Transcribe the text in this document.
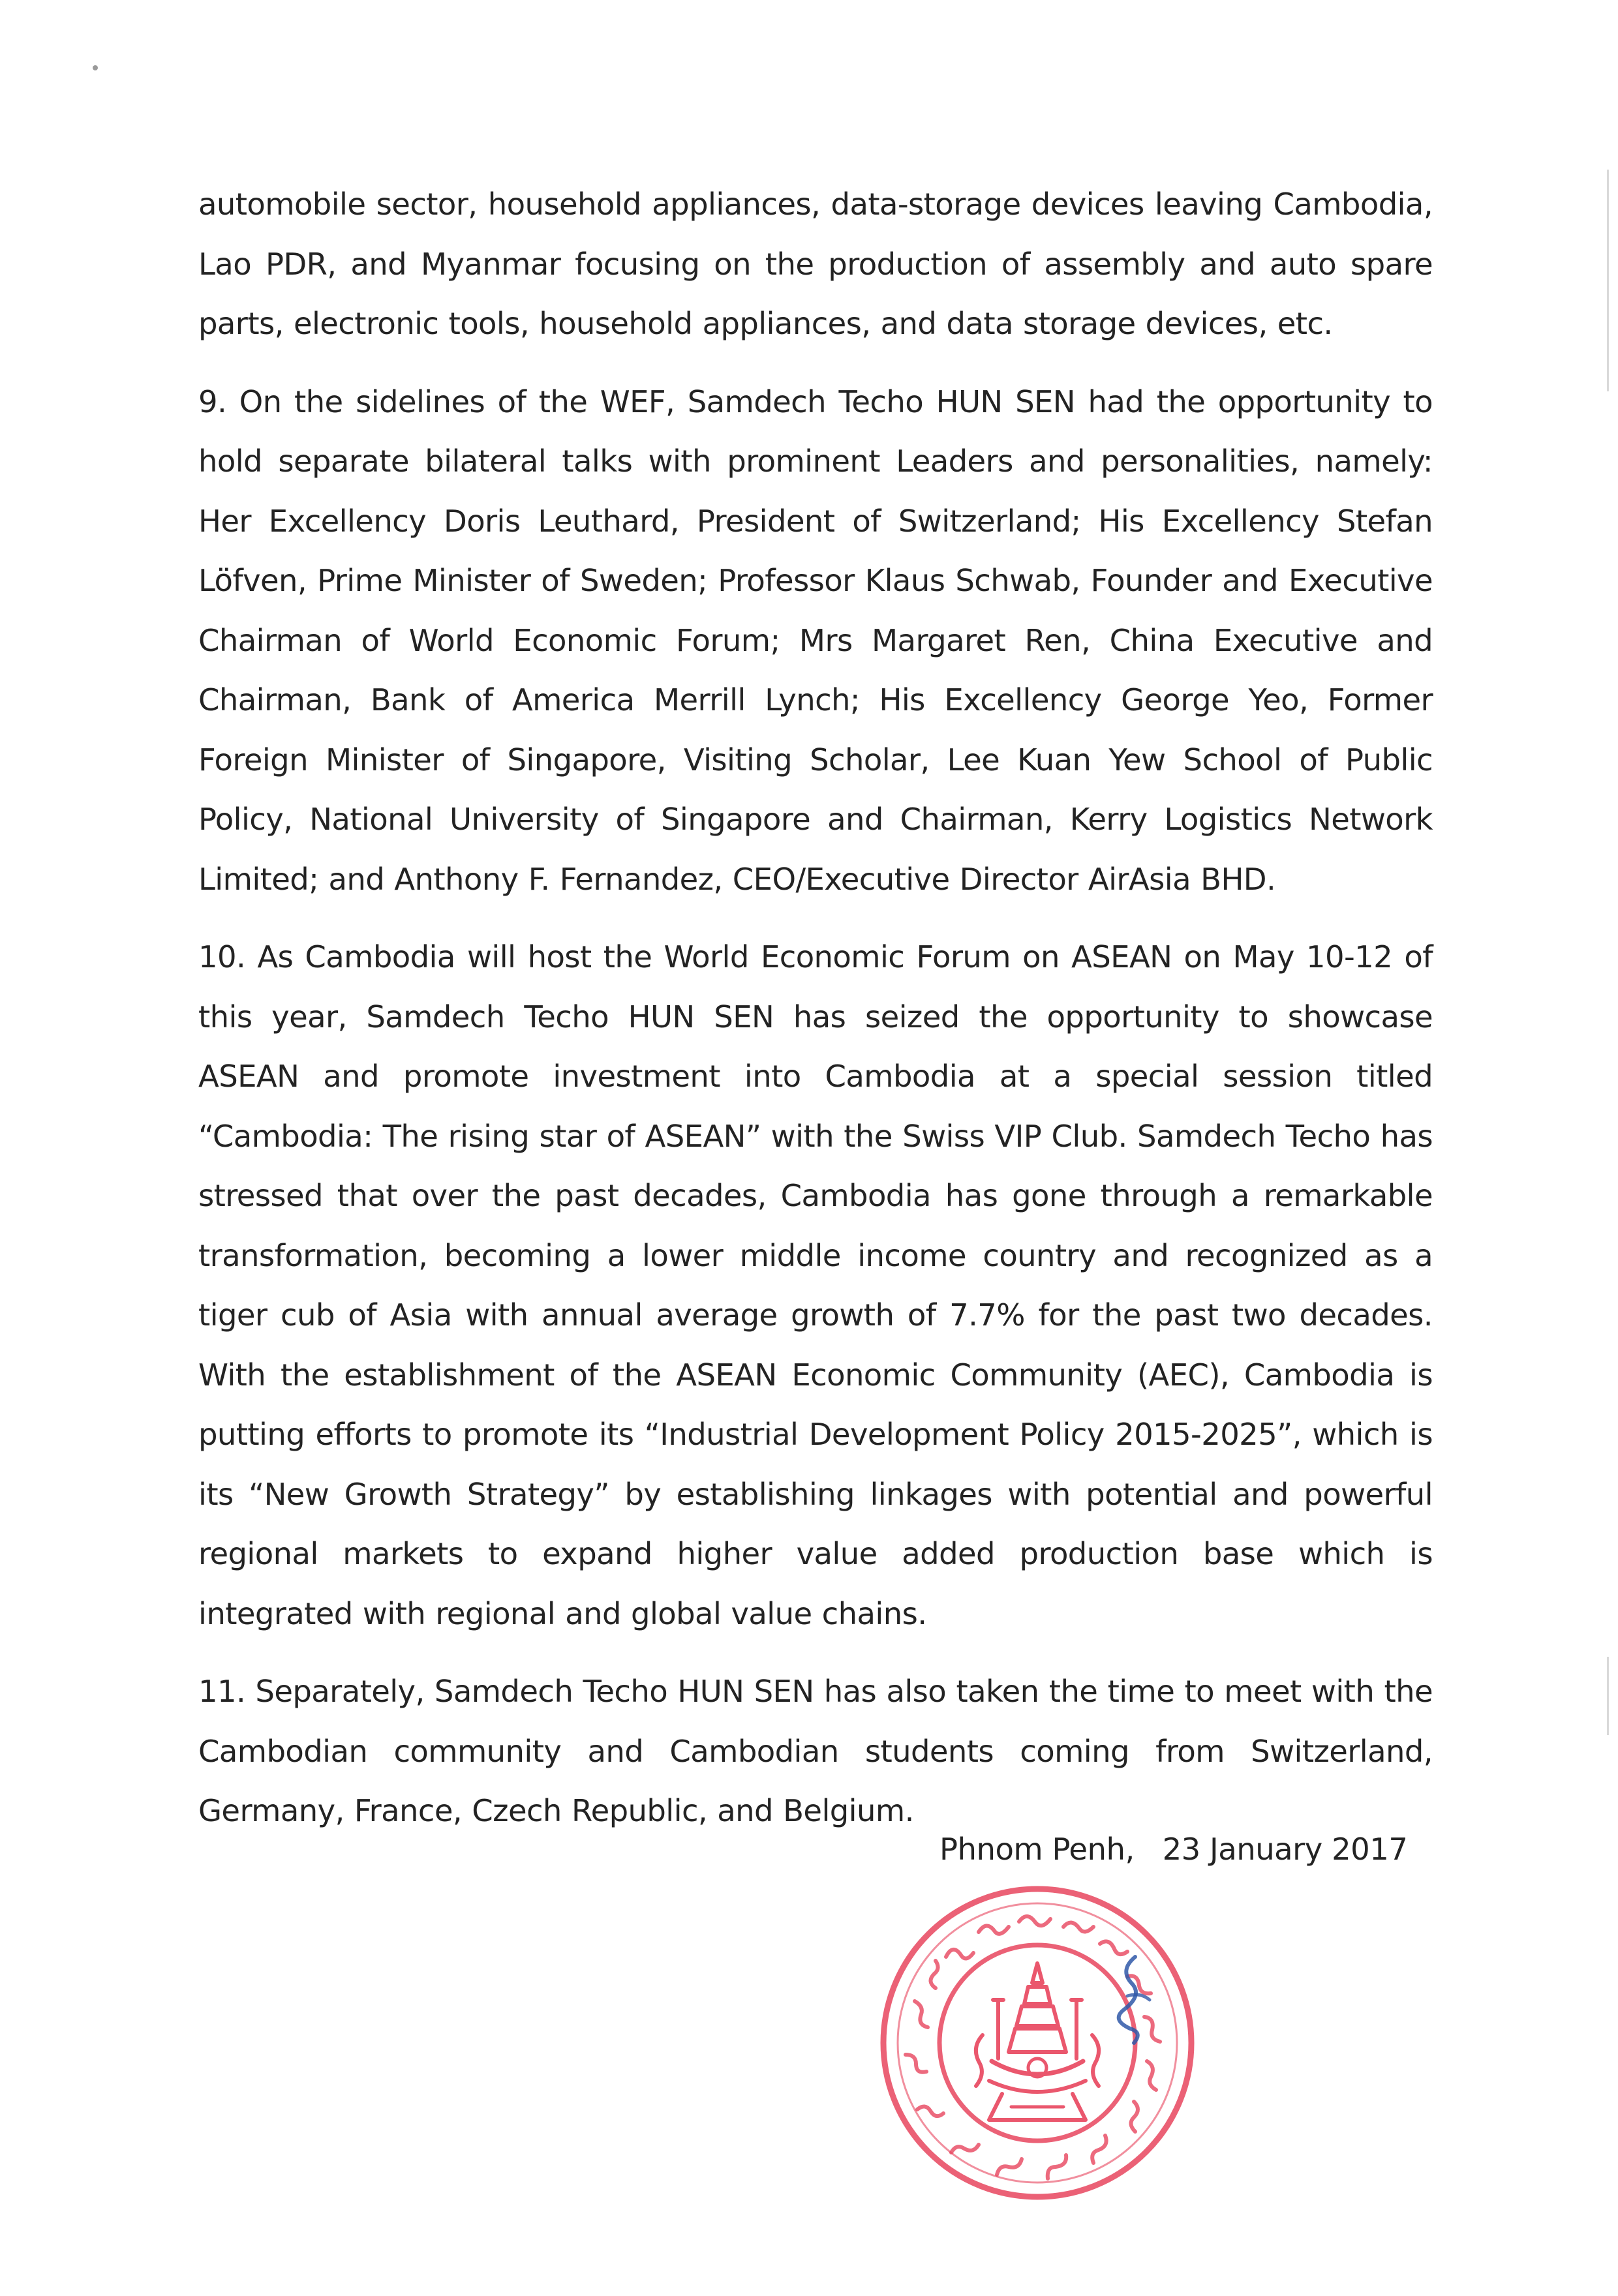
automobile sector, household appliances, data-storage devices leaving Cambodia, Lao PDR, and Myanmar focusing on the production of assembly and auto spare parts, electronic tools, household appliances, and data storage devices, etc.

9. On the sidelines of the WEF, Samdech Techo HUN SEN had the opportunity to hold separate bilateral talks with prominent Leaders and personalities, namely: Her Excellency Doris Leuthard, President of Switzerland; His Excellency Stefan Löfven, Prime Minister of Sweden; Professor Klaus Schwab, Founder and Executive Chairman of World Economic Forum; Mrs Margaret Ren, China Executive and Chairman, Bank of America Merrill Lynch; His Excellency George Yeo, Former Foreign Minister of Singapore, Visiting Scholar, Lee Kuan Yew School of Public Policy, National University of Singapore and Chairman, Kerry Logistics Network Limited; and Anthony F. Fernandez, CEO/Executive Director AirAsia BHD.

10. As Cambodia will host the World Economic Forum on ASEAN on May 10-12 of this year, Samdech Techo HUN SEN has seized the opportunity to showcase ASEAN and promote investment into Cambodia at a special session titled “Cambodia: The rising star of ASEAN” with the Swiss VIP Club. Samdech Techo has stressed that over the past decades, Cambodia has gone through a remarkable transformation, becoming a lower middle income country and recognized as a tiger cub of Asia with annual average growth of 7.7% for the past two decades. With the establishment of the ASEAN Economic Community (AEC), Cambodia is putting efforts to promote its “Industrial Development Policy 2015-2025”, which is its “New Growth Strategy” by establishing linkages with potential and powerful regional markets to expand higher value added production base which is integrated with regional and global value chains.

11. Separately, Samdech Techo HUN SEN has also taken the time to meet with the Cambodian community and Cambodian students coming from Switzerland, Germany, France, Czech Republic, and Belgium.

Phnom Penh,   23 January 2017
